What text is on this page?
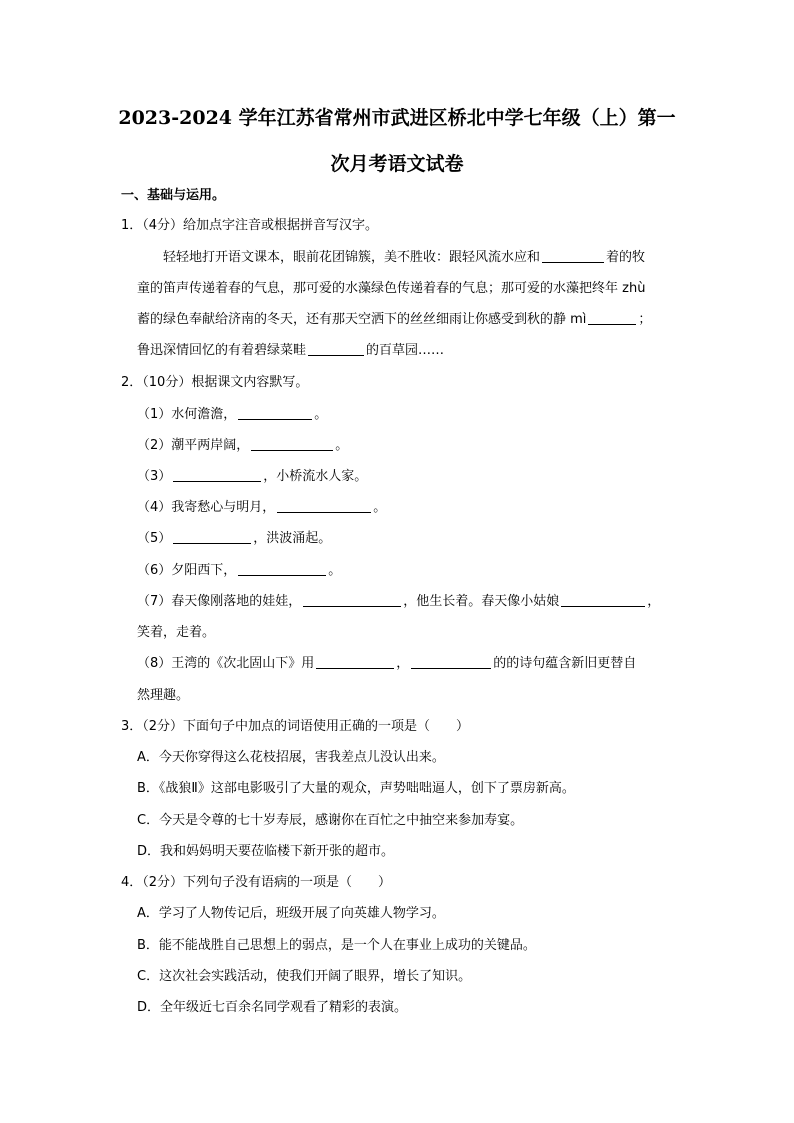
2023-2024 学年江苏省常州市武进区桥北中学七年级（上）第一
次月考语文试卷
一、基础与运用。
1．（4分）给加点字注音或根据拼音写汉字。
轻轻地打开语文课本，眼前花团锦簇，美不胜收：跟轻风流水应和	着的牧
童的笛声传递着春的气息，那可爱的水藻绿色传递着春的气息；那可爱的水藻把终年 zhù
蓄的绿色奉献给济南的冬天，还有那天空洒下的丝丝细雨让你感受到秋的静 mì	；
鲁迅深情回忆的有着碧绿菜畦	的百草园……
2．（10分）根据课文内容默写。
（1）水何澹澹，	。
（2）潮平两岸阔，	。
（3）	，小桥流水人家。
（4）我寄愁心与明月，	。
（5）	，洪波涌起。
（6）夕阳西下，	。
（7）春天像刚落地的娃娃，	，他生长着。春天像小姑娘	，
笑着，走着。
（8）王湾的《次北固山下》用	，	的的诗句蕴含新旧更替自
然理趣。
3．（2分）下面句子中加点的词语使用正确的一项是（　　）
A．今天你穿得这么花枝招展，害我差点儿没认出来。
B．《战狼Ⅱ》这部电影吸引了大量的观众，声势咄咄逼人，创下了票房新高。
C．今天是令尊的七十岁寿辰，感谢你在百忙之中抽空来参加寿宴。
D．我和妈妈明天要莅临楼下新开张的超市。
4．（2分）下列句子没有语病的一项是（　　）
A．学习了人物传记后，班级开展了向英雄人物学习。
B．能不能战胜自己思想上的弱点，是一个人在事业上成功的关键品。
C．这次社会实践活动，使我们开阔了眼界，增长了知识。
D．全年级近七百余名同学观看了精彩的表演。
